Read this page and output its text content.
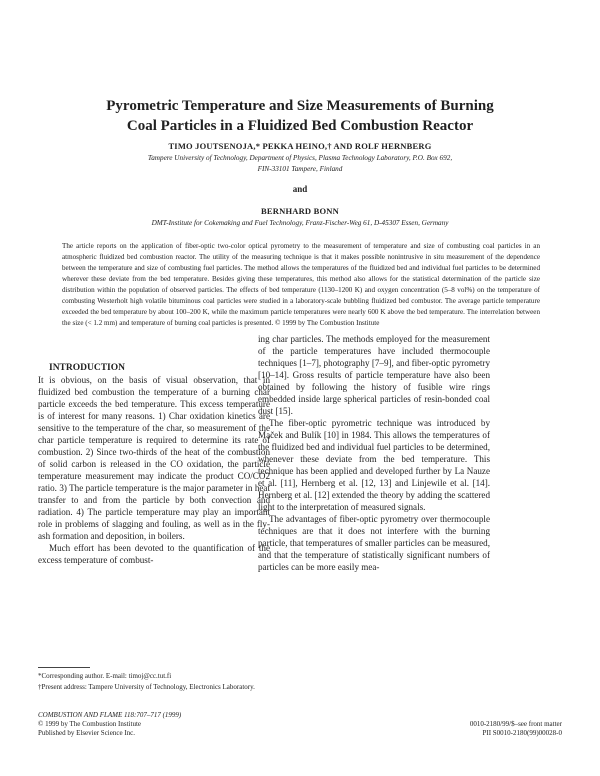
Pyrometric Temperature and Size Measurements of Burning
Coal Particles in a Fluidized Bed Combustion Reactor
TIMO JOUTSENOJA,* PEKKA HEINO,† AND ROLF HERNBERG
Tampere University of Technology, Department of Physics, Plasma Technology Laboratory, P.O. Box 692,
FIN-33101 Tampere, Finland
and
BERNHARD BONN
DMT-Institute for Cokemaking and Fuel Technology, Franz-Fischer-Weg 61, D-45307 Essen, Germany
The article reports on the application of fiber-optic two-color optical pyrometry to the measurement of temperature and size of combusting coal particles in an atmospheric fluidized bed combustion reactor. The utility of the measuring technique is that it makes possible nonintrusive in situ measurement of the dependence between the temperature and size of combusting fuel particles. The method allows the temperatures of the fluidized bed and individual fuel particles to be determined wherever these deviate from the bed temperature. Besides giving these temperatures, this method also allows for the statistical determination of the particle size distribution within the population of observed particles. The effects of bed temperature (1130–1200 K) and oxygen concentration (5–8 vol%) on the temperature of combusting Westerholt high volatile bituminous coal particles were studied in a laboratory-scale bubbling fluidized bed combustor. The average particle temperature exceeded the bed temperature by about 100–200 K, while the maximum particle temperatures were nearly 600 K above the bed temperature. The interrelation between the size (< 1.2 mm) and temperature of burning coal particles is presented. © 1999 by The Combustion Institute

INTRODUCTION

It is obvious, on the basis of visual observation, that in fluidized bed combustion the temperature of a burning char particle exceeds the bed temperature. This excess temperature is of interest for many reasons. 1) Char oxidation kinetics are sensitive to the temperature of the char, so measurement of the char particle temperature is required to determine its rate of combustion. 2) Since two-thirds of the heat of the combustion of solid carbon is released in the CO oxidation, the particle temperature measurement may indicate the product CO/CO2 ratio. 3) The particle temperature is the major parameter in heat transfer to and from the particle by both convection and radiation. 4) The particle temperature may play an important role in problems of slagging and fouling, as well as in the fly-ash formation and deposition, in boilers.

Much effort has been devoted to the quantification of the excess temperature of combust-

ing char particles. The methods employed for the measurement of the particle temperatures have included thermocouple techniques [1–7], photography [7–9], and fiber-optic pyrometry [10–14]. Gross results of particle temperature have also been obtained by following the history of fusible wire rings embedded inside large spherical particles of resin-bonded coal dust [15].

The fiber-optic pyrometric technique was introduced by Maček and Bulík [10] in 1984. This allows the temperatures of the fluidized bed and individual fuel particles to be determined, whenever these deviate from the bed temperature. This technique has been applied and developed further by La Nauze et al. [11], Hernberg et al. [12, 13] and Linjewile et al. [14]. Hernberg et al. [12] extended the theory by adding the scattered light to the interpretation of measured signals.

The advantages of fiber-optic pyrometry over thermocouple techniques are that it does not interfere with the burning particle, that temperatures of smaller particles can be measured, and that the temperature of statistically significant numbers of particles can be more easily mea-

*Corresponding author. E-mail: timoj@cc.tut.fi
†Present address: Tampere University of Technology, Electronics Laboratory.
COMBUSTION AND FLAME 118:707–717 (1999)
© 1999 by The Combustion Institute
Published by Elsevier Science Inc.
0010-2180/99/$–see front matter
PII S0010-2180(99)00028-0
